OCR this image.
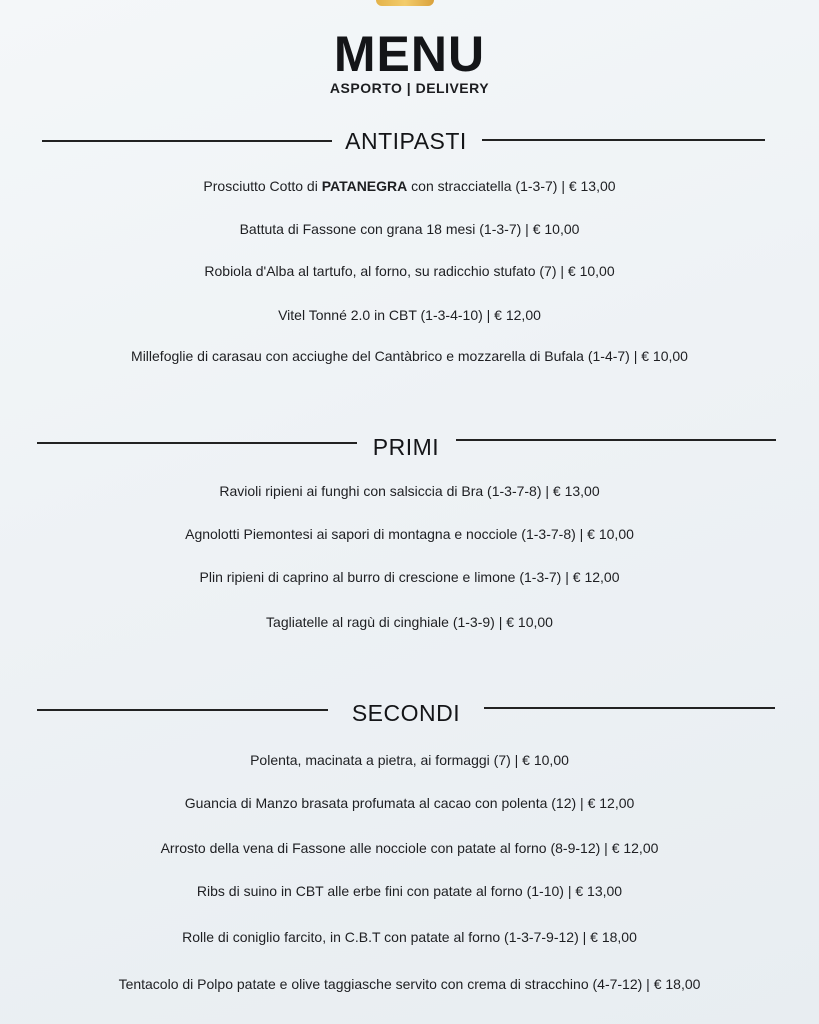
MENU
ASPORTO | DELIVERY
ANTIPASTI
Prosciutto Cotto di PATANEGRA con stracciatella (1-3-7) | € 13,00
Battuta di Fassone con grana 18 mesi (1-3-7) | € 10,00
Robiola d'Alba al tartufo, al forno, su radicchio stufato (7) | € 10,00
Vitel Tonné 2.0 in CBT (1-3-4-10) | € 12,00
Millefoglie di carasau con acciughe del Cantàbrico e mozzarella di Bufala (1-4-7) | € 10,00
PRIMI
Ravioli ripieni ai funghi con salsiccia di Bra (1-3-7-8) | € 13,00
Agnolotti Piemontesi ai sapori di montagna e nocciole (1-3-7-8) | € 10,00
Plin ripieni di caprino al burro di crescione e limone (1-3-7) | € 12,00
Tagliatelle al ragù di cinghiale (1-3-9) | € 10,00
SECONDI
Polenta, macinata a pietra, ai formaggi (7) | € 10,00
Guancia di Manzo brasata profumata al cacao con polenta (12) | € 12,00
Arrosto della vena di Fassone alle nocciole con patate al forno (8-9-12) | € 12,00
Ribs di suino in CBT alle erbe fini con patate al forno (1-10) | € 13,00
Rolle di coniglio farcito, in C.B.T con patate al forno (1-3-7-9-12) | € 18,00
Tentacolo di Polpo patate e olive taggiasche servito con crema di stracchino (4-7-12) | € 18,00
